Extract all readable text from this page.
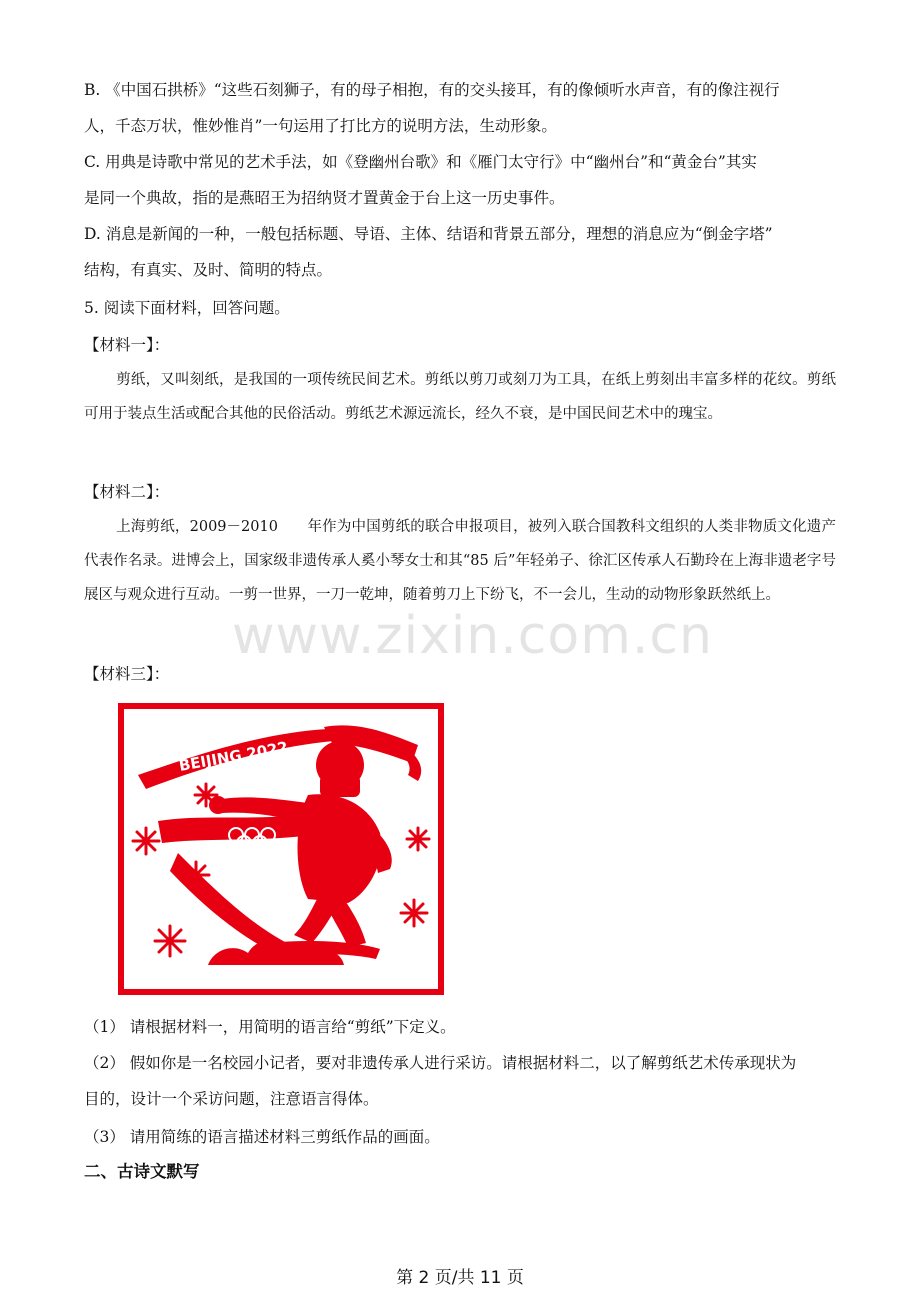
B. 《中国石拱桥》“这些石刻狮子，有的母子相抱，有的交头接耳，有的像倾听水声音，有的像注视行
人，千态万状，惟妙惟肖”一句运用了打比方的说明方法，生动形象。
C. 用典是诗歌中常见的艺术手法，如《登幽州台歌》和《雁门太守行》中“幽州台”和“黄金台”其实
是同一个典故，指的是燕昭王为招纳贤才置黄金于台上这一历史事件。
D. 消息是新闻的一种，一般包括标题、导语、主体、结语和背景五部分，理想的消息应为“倒金字塔”
结构，有真实、及时、简明的特点。
5. 阅读下面材料，回答问题。
【材料一】：
剪纸，又叫刻纸，是我国的一项传统民间艺术。剪纸以剪刀或刻刀为工具，在纸上剪刻出丰富多样的花纹。剪纸可用于装点生活或配合其他的民俗活动。剪纸艺术源远流长，经久不衰，是中国民间艺术中的瑰宝。
【材料二】：
上海剪纸，2009－2010　　年作为中国剪纸的联合申报项目，被列入联合国教科文组织的人类非物质文化遗产代表作名录。进博会上，国家级非遗传承人奚小琴女士和其“85 后”年轻弟子、徐汇区传承人石勤玲在上海非遗老字号展区与观众进行互动。一剪一世界，一刀一乾坤，随着剪刀上下纷飞，不一会儿，生动的动物形象跃然纸上。
【材料三】：
BEIJING 2022
www.zixin.com.cn
（1） 请根据材料一，用简明的语言给“剪纸”下定义。
（2） 假如你是一名校园小记者，要对非遗传承人进行采访。请根据材料二，以了解剪纸艺术传承现状为
目的，设计一个采访问题，注意语言得体。
（3） 请用简练的语言描述材料三剪纸作品的画面。
二、古诗文默写
第 2 页/共 11 页
